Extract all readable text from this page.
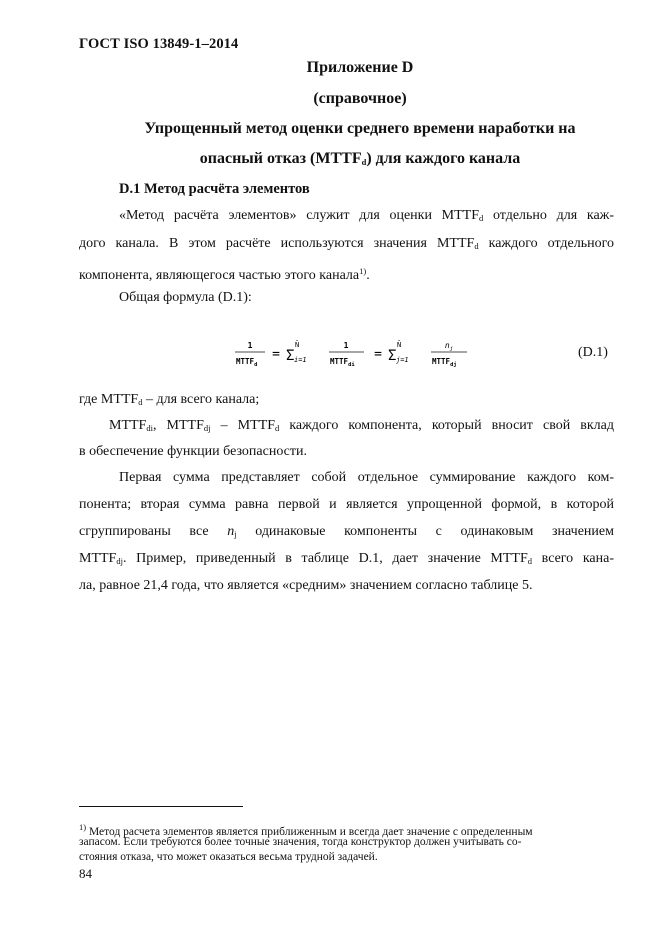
ГОСТ ISO 13849-1–2014
Приложение D
(справочное)
Упрощенный метод оценки среднего времени наработки на
опасный отказ $(MTTF_d)$ для каждого канала
D.1 Метод расчёта элементов
«Метод расчёта элементов» служит для оценки $MTTF_d$ отдельно для каж-
дого канала. В этом расчёте используются значения $MTTF_d$ каждого отдельного
компонента, являющегося частью этого канала$^{1)}$.
Общая формула (D.1):
1
$MTTF_d$
= Σ
Ñ
i=1
1
$MTTF_{di}$
= Σ
Ñ
j=1
$n_j$
$MTTF_{dj}$
(D.1)
где $MTTF_d$ – для всего канала;
$MTTF_{di}$, $MTTF_{dj}$ – $MTTF_d$ каждого компонента, который вносит свой вклад
в обеспечение функции безопасности.
Первая сумма представляет собой отдельное суммирование каждого ком-
понента; вторая сумма равна первой и является упрощенной формой, в которой
сгруппированы все $n_j$ одинаковые компоненты с одинаковым значением
$MTTF_{dj}$. Пример, приведенный в таблице D.1, дает значение $MTTF_d$ всего кана-
ла, равное 21,4 года, что является «средним» значением согласно таблице 5.
$^{1)}$ Метод расчета элементов является приближенным и всегда дает значение с определенным
запасом. Если требуются более точные значения, тогда конструктор должен учитывать со-
стояния отказа, что может оказаться весьма трудной задачей.
84
